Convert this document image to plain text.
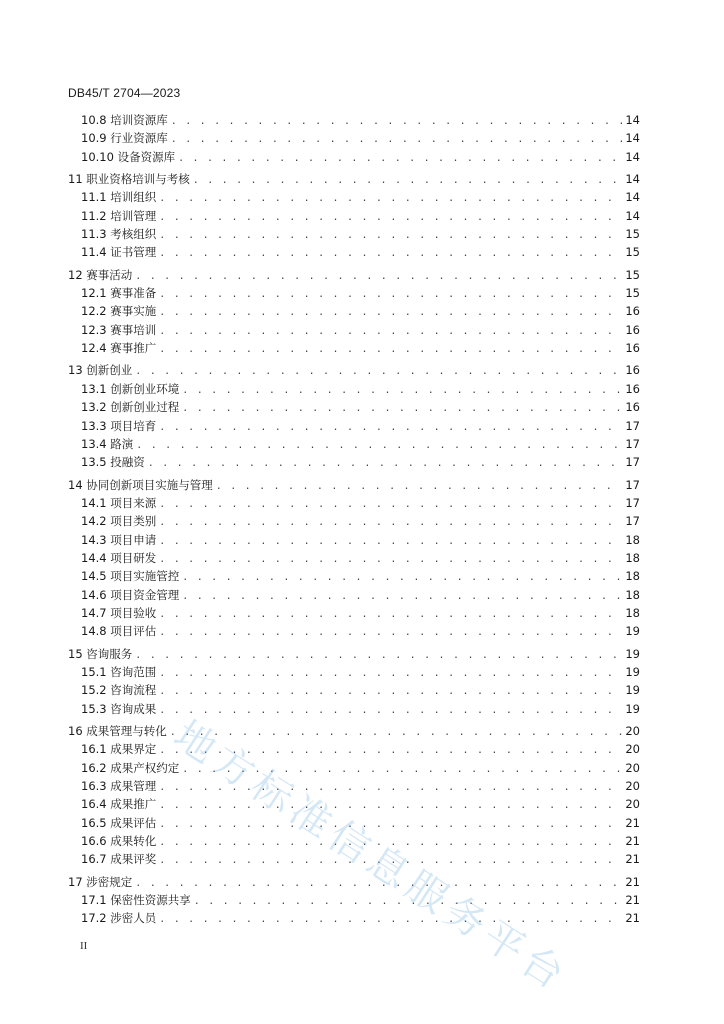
DB45/T 2704—2023
10.8 培训资源库 . . .	14
10.9 行业资源库 . . .	14
10.10 设备资源库 . . .	14
11 职业资格培训与考核 . . .	14
11.1 培训组织 . . .	14
11.2 培训管理 . . .	14
11.3 考核组织 . . .	15
11.4 证书管理 . . .	15
12 赛事活动 . . .	15
12.1 赛事准备 . . .	15
12.2 赛事实施 . . .	16
12.3 赛事培训 . . .	16
12.4 赛事推广 . . .	16
13 创新创业 . . .	16
13.1 创新创业环境 . . .	16
13.2 创新创业过程 . . .	16
13.3 项目培育 . . .	17
13.4 路演 . . .	17
13.5 投融资 . . .	17
14 协同创新项目实施与管理 . . .	17
14.1 项目来源 . . .	17
14.2 项目类别 . . .	17
14.3 项目申请 . . .	18
14.4 项目研发 . . .	18
14.5 项目实施管控 . . .	18
14.6 项目资金管理 . . .	18
14.7 项目验收 . . .	18
14.8 项目评估 . . .	19
15 咨询服务 . . .	19
15.1 咨询范围 . . .	19
15.2 咨询流程 . . .	19
15.3 咨询成果 . . .	19
16 成果管理与转化 . . .	20
16.1 成果界定 . . .	20
16.2 成果产权约定 . . .	20
16.3 成果管理 . . .	20
16.4 成果推广 . . .	20
16.5 成果评估 . . .	21
16.6 成果转化 . . .	21
16.7 成果评奖 . . .	21
17 涉密规定 . . .	21
17.1 保密性资源共享 . . .	21
17.2 涉密人员 . . .	21
II 地方标准信息服务平台
